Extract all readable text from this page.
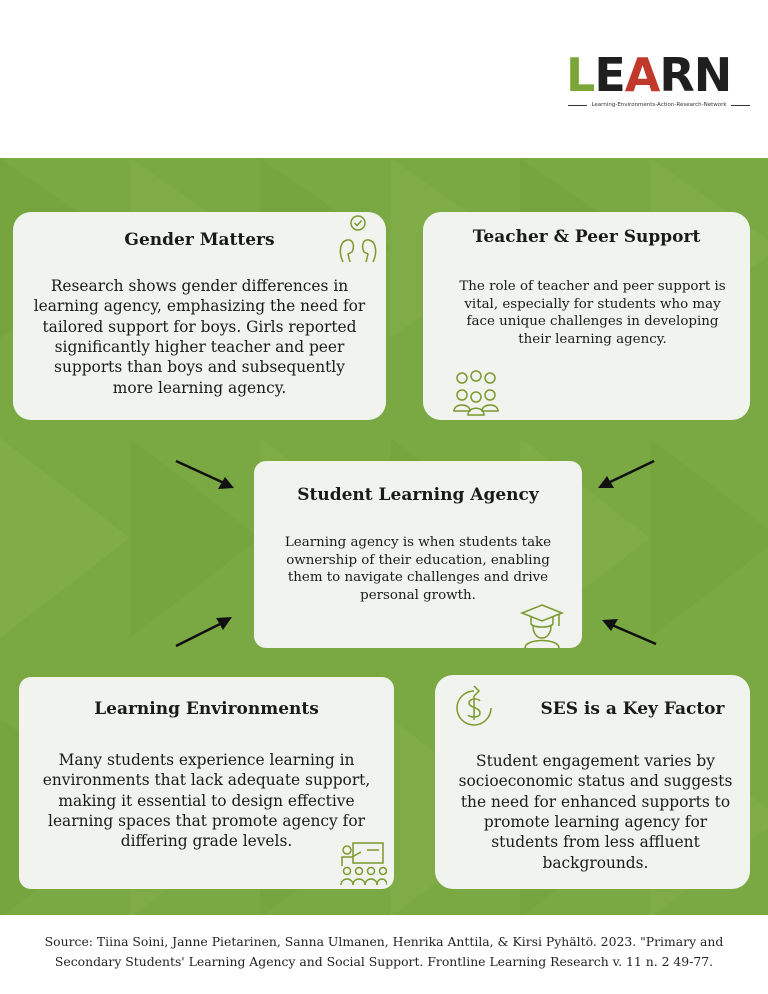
LEARN
Learning-Environments-Action-Research-Network
Gender Matters

Research shows gender differences in learning agency, emphasizing the need for tailored support for boys. Girls reported significantly higher teacher and peer supports than boys and subsequently more learning agency.

Teacher & Peer Support

The role of teacher and peer support is vital, especially for students who may face unique challenges in developing their learning agency.

Student Learning Agency

Learning agency is when students take ownership of their education, enabling them to navigate challenges and drive personal growth.

Learning Environments

Many students experience learning in environments that lack adequate support, making it essential to design effective learning spaces that promote agency for differing grade levels.

SES is a Key Factor

Student engagement varies by socioeconomic status and suggests the need for enhanced supports to promote learning agency for students from less affluent backgrounds.

Source: Tiina Soini, Janne Pietarinen, Sanna Ulmanen, Henrika Anttila, & Kirsi Pyhältö. 2023. "Primary and Secondary Students' Learning Agency and Social Support. Frontline Learning Research v. 11 n. 2 49-77.
